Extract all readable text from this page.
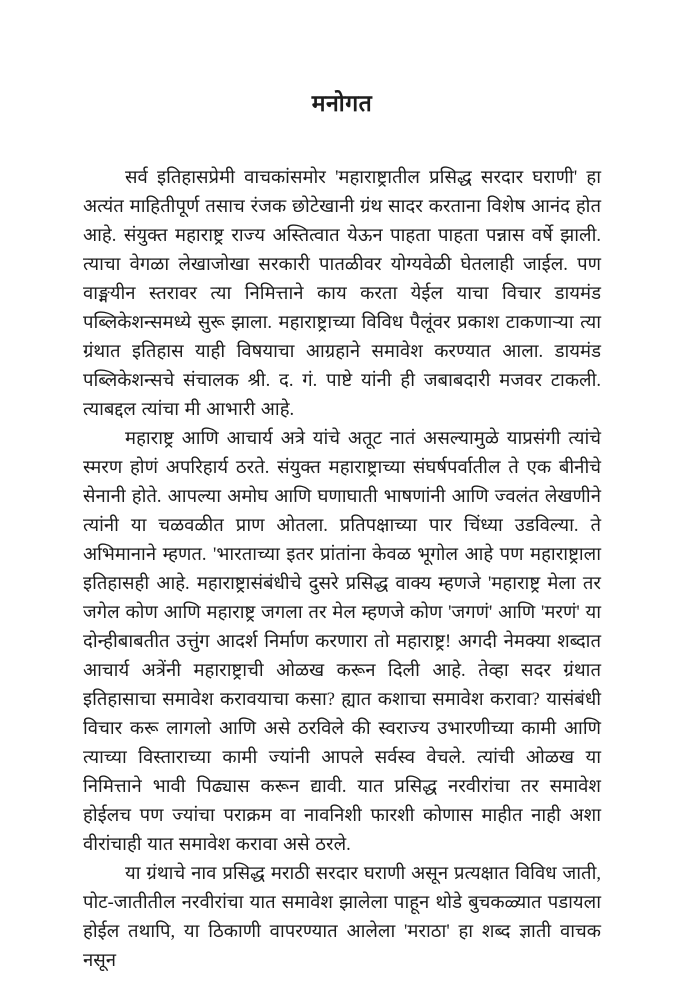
मनोगत

सर्व इतिहासप्रेमी वाचकांसमोर 'महाराष्ट्रातील प्रसिद्ध सरदार घराणी' हा अत्यंत माहितीपूर्ण तसाच रंजक छोटेखानी ग्रंथ सादर करताना विशेष आनंद होत आहे. संयुक्त महाराष्ट्र राज्य अस्तित्वात येऊन पाहता पाहता पन्नास वर्षे झाली. त्याचा वेगळा लेखाजोखा सरकारी पातळीवर योग्यवेळी घेतलाही जाईल. पण वाङ्मयीन स्तरावर त्या निमित्ताने काय करता येईल याचा विचार डायमंड पब्लिकेशन्समध्ये सुरू झाला. महाराष्ट्राच्या विविध पैलूंवर प्रकाश टाकणाऱ्या त्या ग्रंथात इतिहास याही विषयाचा आग्रहाने समावेश करण्यात आला. डायमंड पब्लिकेशन्सचे संचालक श्री. द. गं. पाष्टे यांनी ही जबाबदारी मजवर टाकली. त्याबद्दल त्यांचा मी आभारी आहे.

महाराष्ट्र आणि आचार्य अत्रे यांचे अतूट नातं असल्यामुळे याप्रसंगी त्यांचे स्मरण होणं अपरिहार्य ठरते. संयुक्त महाराष्ट्राच्या संघर्षपर्वातील ते एक बीनीचे सेनानी होते. आपल्या अमोघ आणि घणाघाती भाषणांनी आणि ज्वलंत लेखणीने त्यांनी या चळवळीत प्राण ओतला. प्रतिपक्षाच्या पार चिंध्या उडविल्या. ते अभिमानाने म्हणत. 'भारताच्या इतर प्रांतांना केवळ भूगोल आहे पण महाराष्ट्राला इतिहासही आहे. महाराष्ट्रासंबंधीचे दुसरे प्रसिद्ध वाक्य म्हणजे 'महाराष्ट्र मेला तर जगेल कोण आणि महाराष्ट्र जगला तर मेल म्हणजे कोण 'जगणं' आणि 'मरणं' या दोन्हीबाबतीत उत्तुंग आदर्श निर्माण करणारा तो महाराष्ट्र! अगदी नेमक्या शब्दात आचार्य अत्रेंनी महाराष्ट्राची ओळख करून दिली आहे. तेव्हा सदर ग्रंथात इतिहासाचा समावेश करावयाचा कसा? ह्यात कशाचा समावेश करावा? यासंबंधी विचार करू लागलो आणि असे ठरविले की स्वराज्य उभारणीच्या कामी आणि त्याच्या विस्ताराच्या कामी ज्यांनी आपले सर्वस्व वेचले. त्यांची ओळख या निमित्ताने भावी पिढ्यास करून द्यावी. यात प्रसिद्ध नरवीरांचा तर समावेश होईलच पण ज्यांचा पराक्रम वा नावनिशी फारशी कोणास माहीत नाही अशा वीरांचाही यात समावेश करावा असे ठरले.

या ग्रंथाचे नाव प्रसिद्ध मराठी सरदार घराणी असून प्रत्यक्षात विविध जाती, पोट-जातीतील नरवीरांचा यात समावेश झालेला पाहून थोडे बुचकळ्यात पडायला होईल तथापि, या ठिकाणी वापरण्यात आलेला 'मराठा' हा शब्द ज्ञाती वाचक नसून
